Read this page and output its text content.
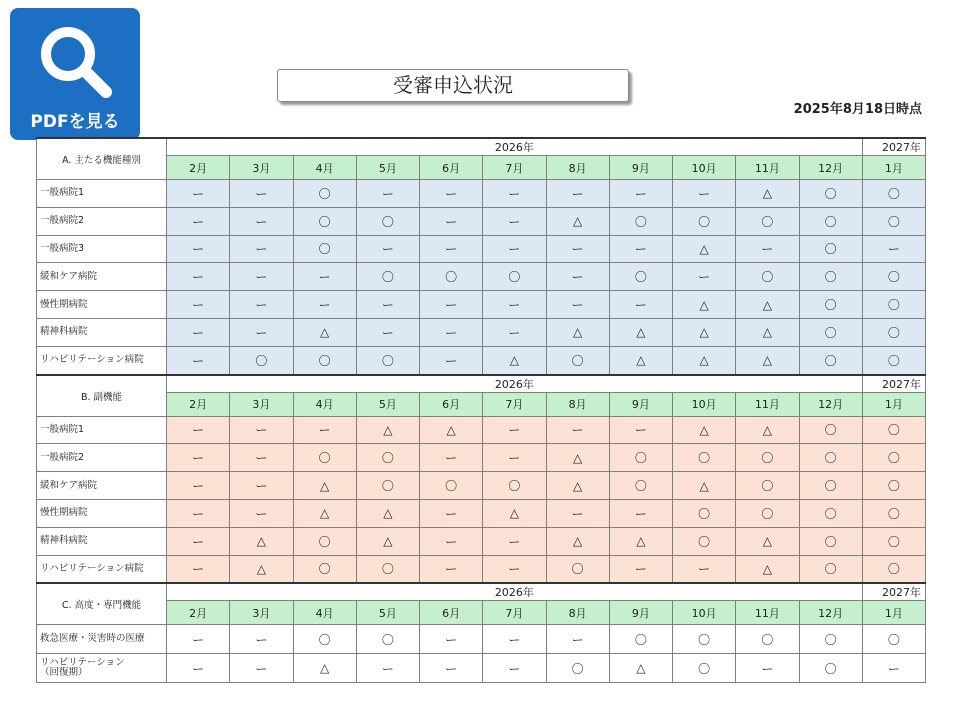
PDFを見る
受審申込状況
2025年8月18日時点
A. 主たる機能種別	2026年											2027年
	2月	3月	4月	5月	6月	7月	8月	9月	10月	11月	12月	1月
一般病院1	ー	ー	〇	ー	ー	ー	ー	ー	ー	△	〇	〇
一般病院2	ー	ー	〇	〇	ー	ー	△	〇	〇	〇	〇	〇
一般病院3	ー	ー	〇	ー	ー	ー	ー	ー	△	ー	〇	ー
緩和ケア病院	ー	ー	ー	〇	〇	〇	ー	〇	ー	〇	〇	〇
慢性期病院	ー	ー	ー	ー	ー	ー	ー	ー	△	△	〇	〇
精神科病院	ー	ー	△	ー	ー	ー	△	△	△	△	〇	〇
リハビリテーション病院	ー	〇	〇	〇	ー	△	〇	△	△	△	〇	〇
B. 副機能	2026年											2027年
	2月	3月	4月	5月	6月	7月	8月	9月	10月	11月	12月	1月
一般病院1	ー	ー	ー	△	△	ー	ー	ー	△	△	〇	〇
一般病院2	ー	ー	〇	〇	ー	ー	△	〇	〇	〇	〇	〇
緩和ケア病院	ー	ー	△	〇	〇	〇	△	〇	△	〇	〇	〇
慢性期病院	ー	ー	△	△	ー	△	ー	ー	〇	〇	〇	〇
精神科病院	ー	△	〇	△	ー	ー	△	△	〇	△	〇	〇
リハビリテーション病院	ー	△	〇	〇	ー	ー	〇	ー	ー	△	〇	〇
C. 高度・専門機能	2026年											2027年
	2月	3月	4月	5月	6月	7月	8月	9月	10月	11月	12月	1月
救急医療・災害時の医療	ー	ー	〇	〇	ー	ー	ー	〇	〇	〇	〇	〇
リハビリテーション
（回復期）	ー	ー	△	ー	ー	ー	〇	△	〇	ー	〇	ー
